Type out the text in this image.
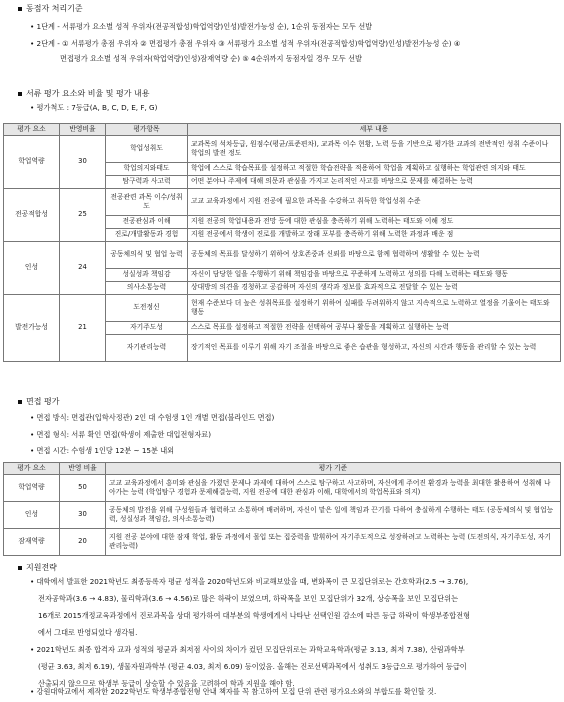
동점자 처리기준
• 1단계 - 서류평가 요소별 성적 우위자(전공적합성)학업역량)인성)발전가능성 순), 1순위 동점자는 모두 선발
• 2단계 - ① 서류평가 총점 우위자 ② 면접평가 총점 우위자 ③ 서류평가 요소별 성적 우위자(전공적합성)학업역량)인성)발전가능성 순) ④
면접평가 요소별 성적 우위자(학업역량)인성)잠재역량 순) ⑤ 4순위까지 동점자일 경우 모두 선발
서류 평가 요소와 비율 및 평가 내용
• 평가척도 : 7등급(A, B, C, D, E, F, G)
평가 요소	반영비율	평가항목	세부 내용
학업역량	30	학업성취도	교과목의 석차등급, 원점수(평균/표준편차), 교과목 이수 현황, 노력 등을 기반으로 평가한 교과의 전반적인 성취 수준이나 학업의 발전 정도
		학업의지와태도	학업에 스스로 학습목표를 설정하고 적절한 학습전략을 적용하여 학업을 계획하고 실행하는 학업관련 의지와 태도
		탐구력과 사고력	어떤 분야나 주제에 대해 의문과 관심을 가지고 논리적인 사고를 바탕으로 문제를 해결하는 능력
전공적합성	25	전공관련 과목 이수/성취도	고교 교육과정에서 지원 전공에 필요한 과목을 수강하고 취득한 학업성취 수준
		전공관심과 이해	지원 전공의 학업내용과 전망 등에 대한 관심을 충족하기 위해 노력하는 태도와 이해 정도
		진로/개발활동과 경험	지원 전공에서 학생이 진로를 개발하고 장래 포부를 충족하기 위해 노력한 과정과 배운 점
인성	24	공동체의식 및 협업 능력	공동체의 목표를 달성하기 위하여 상호존중과 신뢰를 바탕으로 함께 협력하며 생활할 수 있는 능력
		성실성과 책임감	자신이 담당한 일을 수행하기 위해 책임감을 바탕으로 꾸준하게 노력하고 성의를 다해 노력하는 태도와 행동
		의사소통능력	상대방의 의견을 경청하고 공감하며 자신의 생각과 정보를 효과적으로 전달할 수 있는 능력
발전가능성	21	도전정신	현재 수준보다 더 높은 성취목표를 설정하기 위하여 실패를 두려워하지 않고 지속적으로 노력하고 열정을 기울이는 태도와 행동
		자기주도성	스스로 목표를 설정하고 적절한 전략을 선택하여 공부나 활동을 계획하고 실행하는 능력
		자기관리능력	장기적인 목표를 이루기 위해 자기 조절을 바탕으로 좋은 습관을 형성하고, 자신의 시간과 행동을 관리할 수 있는 능력
면접 평가
• 면접 방식: 면접관(입학사정관) 2인 대 수험생 1인 개별 면접(블라인드 면접)
• 면접 형식: 서류 확인 면접(학생이 제출한 대입전형자료)
• 면접 시간: 수험생 1인당 12분 ~ 15분 내외
평가 요소	반영 비율	평가 기준
학업역량	50	고교 교육과정에서 흥미와 관심을 가졌던 문제나 과제에 대하여 스스로 탐구하고 사고하며, 자신에게 주어진 환경과 능력을 최대한 활용하여 성취해 나아가는 능력 (학업탐구 경험과 문제해결능력, 지원 전공에 대한 관심과 이해, 대학에서의 학업목표와 의지)
인성	30	공동체의 발전을 위해 구성원들과 협력하고 소통하며 배려하며, 자신이 맡은 일에 책임과 끈기를 다하여 충실하게 수행하는 태도 (공동체의식 및 협업능력, 성실성과 책임감, 의사소통능력)
잠재역량	20	지원 전공 분야에 대한 잠재 학업, 활동 과정에서 몰입 또는 집중력을 발휘하여 자기주도적으로 성장하려고 노력하는 능력 (도전의식, 자기주도성, 자기관리능력)
지원전략
• 대학에서 발표한 2021학년도 최종등록자 평균 성적을 2020학년도와 비교해보았을 때, 변화폭이 큰 모집단위로는 간호학과(2.5 → 3.76),
전자공학과(3.6 → 4.83), 물리학과(3.6 → 4.56)로 많은 하락이 보였으며, 하락폭을 보인 모집단위가 32개, 상승폭을 보인 모집단위는
16개로 2015개정교육과정에서 진로과목을 상대 평가하여 대부분의 학생에게서 나타난 선택인원 감소에 따른 등급 하락이 학생부종합전형
에서 그대로 반영되었다 생각됨.
• 2021학년도 최종 합격자 교과 성적의 평균과 최저점 사이의 차이가 컸던 모집단위로는 과학교육학과(평균 3.13, 최저 7.38), 산림과학부
(평균 3.63, 최저 6.19), 생물자원과학부 (평균 4.03, 최저 6.09) 등이었음. 올해는 진로선택과목에서 성취도 3등급으로 평가하여 등급이
산출되지 않으므로 학생부 등급이 상승할 수 있음을 고려하여 학과 지원을 해야 함.
• 강원대학교에서 제작한 2022학년도 학생부종합전형 안내 책자를 꼭 참고하여 모집 단위 관련 평가요소와의 부합도를 확인할 것.
